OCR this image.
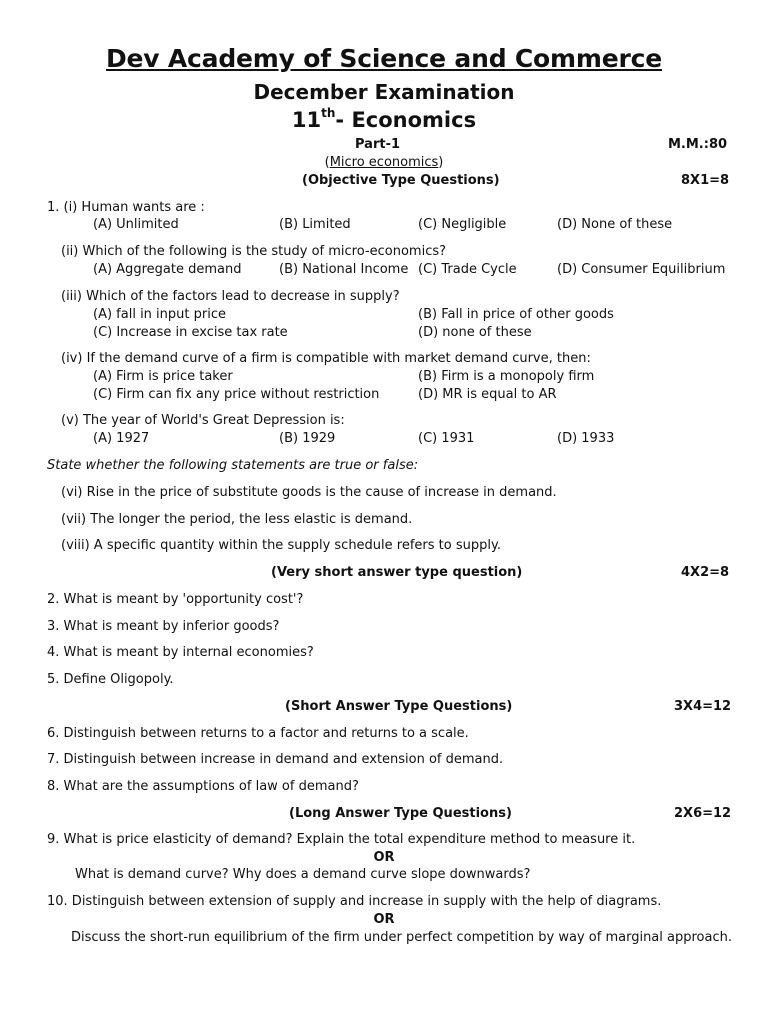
Dev Academy of Science and Commerce
December Examination
11th- Economics
Part-1	M.M.:80
(Micro economics)
(Objective Type Questions)	8X1=8
1. (i) Human wants are :
(A) Unlimited	(B) Limited	(C) Negligible	(D) None of these
(ii) Which of the following is the study of micro-economics?
(A) Aggregate demand	(B) National Income (C) Trade Cycle	(D) Consumer Equilibrium
(iii) Which of the factors lead to decrease in supply?
(A) fall in input price	(B) Fall in price of other goods
(C) Increase in excise tax rate	(D) none of these
(iv) If the demand curve of a firm is compatible with market demand curve, then:
(A) Firm is price taker	(B) Firm is a monopoly firm
(C) Firm can fix any price without restriction	(D) MR is equal to AR
(v) The year of World's Great Depression is:
(A) 1927	(B) 1929	(C) 1931	(D) 1933
State whether the following statements are true or false:
(vi) Rise in the price of substitute goods is the cause of increase in demand.
(vii) The longer the period, the less elastic is demand.
(viii) A specific quantity within the supply schedule refers to supply.
(Very short answer type question)	4X2=8
2. What is meant by 'opportunity cost'?
3. What is meant by inferior goods?
4. What is meant by internal economies?
5. Define Oligopoly.
(Short Answer Type Questions)	3X4=12
6. Distinguish between returns to a factor and returns to a scale.
7. Distinguish between increase in demand and extension of demand.
8. What are the assumptions of law of demand?
(Long Answer Type Questions)	2X6=12
9. What is price elasticity of demand? Explain the total expenditure method to measure it.
OR
What is demand curve? Why does a demand curve slope downwards?
10. Distinguish between extension of supply and increase in supply with the help of diagrams.
OR
Discuss the short-run equilibrium of the firm under perfect competition by way of marginal approach.
